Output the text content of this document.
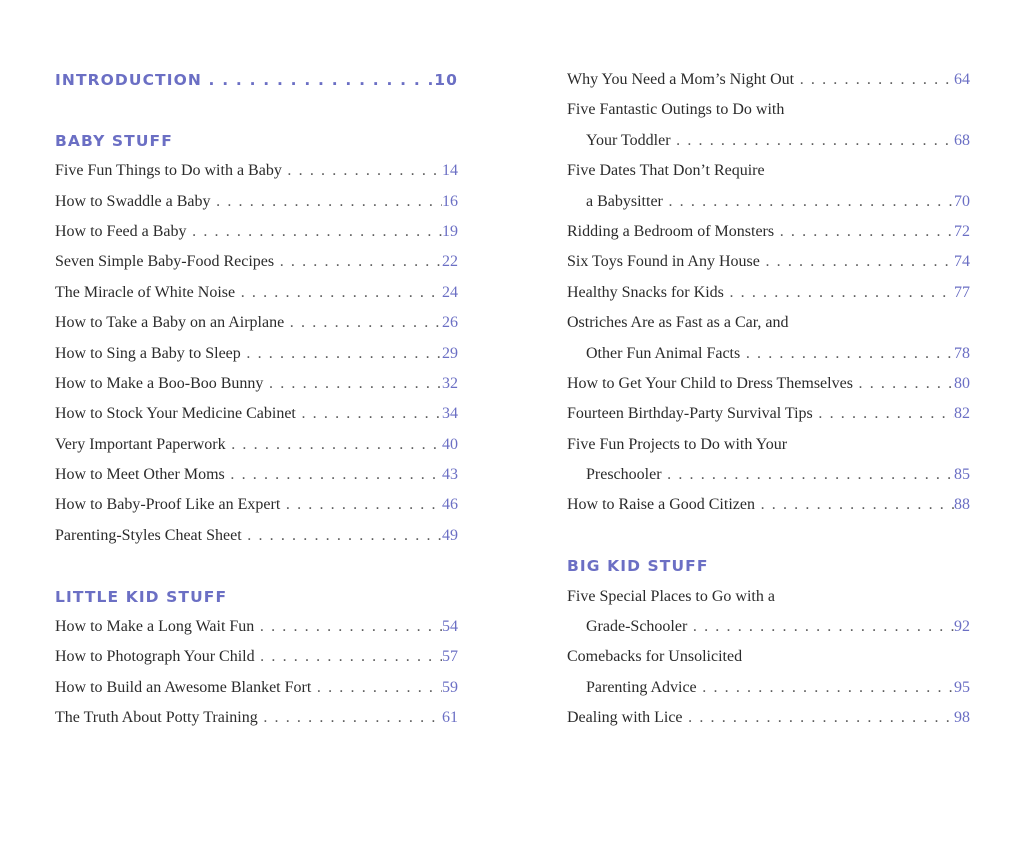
INTRODUCTION . . .	10
BABY STUFF
Five Fun Things to Do with a Baby . . .	14
How to Swaddle a Baby . . .	16
How to Feed a Baby . . .	19
Seven Simple Baby-Food Recipes . . .	22
The Miracle of White Noise . . .	24
How to Take a Baby on an Airplane . . .	26
How to Sing a Baby to Sleep . . .	29
How to Make a Boo-Boo Bunny . . .	32
How to Stock Your Medicine Cabinet . . .	34
Very Important Paperwork . . .	40
How to Meet Other Moms . . .	43
How to Baby-Proof Like an Expert . . .	46
Parenting-Styles Cheat Sheet . . .	49
LITTLE KID STUFF
How to Make a Long Wait Fun . . .	54
How to Photograph Your Child . . .	57
How to Build an Awesome Blanket Fort . . .	59
The Truth About Potty Training . . .	61
Why You Need a Mom’s Night Out . . .	64
Five Fantastic Outings to Do with
Your Toddler . . .	68
Five Dates That Don’t Require
a Babysitter . . .	70
Ridding a Bedroom of Monsters . . .	72
Six Toys Found in Any House . . .	74
Healthy Snacks for Kids . . .	77
Ostriches Are as Fast as a Car, and
Other Fun Animal Facts . . .	78
How to Get Your Child to Dress Themselves . . .	80
Fourteen Birthday-Party Survival Tips . . .	82
Five Fun Projects to Do with Your
Preschooler . . .	85
How to Raise a Good Citizen . . .	88
BIG KID STUFF
Five Special Places to Go with a
Grade-Schooler . . .	92
Comebacks for Unsolicited
Parenting Advice . . .	95
Dealing with Lice . . .	98
